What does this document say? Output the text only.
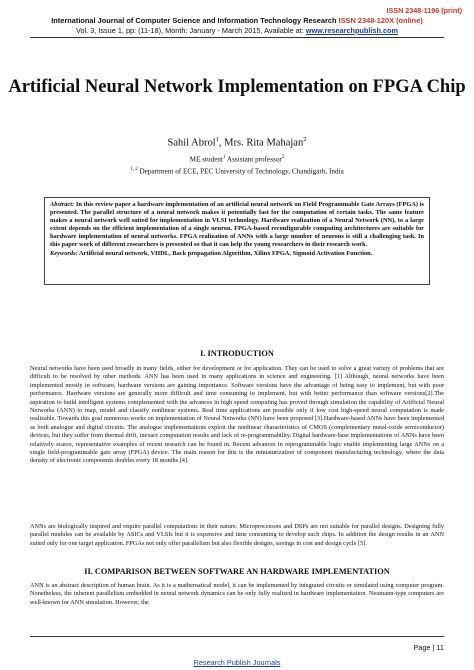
ISSN 2348-1196 (print)
International Journal of Computer Science and Information Technology Research ISSN 2348-120X (online)
Vol. 3, Issue 1, pp: (11-18), Month: January - March 2015, Available at: www.researchpublish.com
Artificial Neural Network Implementation on FPGA Chip
Sahil Abrol$^1$, Mrs. Rita Mahajan$^2$
ME student$^1$ Assistant professor$^2$
$^{1, 2}$ Department of ECE, PEC University of Technology, Chandigarh, India
Abstract: In this review paper a hardware implementation of an artificial neural network on Field Programmable Gate Arrays (FPGA) is presented. The parallel structure of a neural network makes it potentially fast for the computation of certain tasks. The same feature makes a neural network well suited for implementation in VLSI technology. Hardware realization of a Neural Network (NN), to a large extent depends on the efficient implementation of a single neuron. FPGA-based reconfigurable computing architectures are suitable for hardware implementation of neural networks. FPGA realization of ANNs with a large number of neurons is still a challenging task. In this paper work of different researchers is presented so that it can help the young researchers in their research work.
Keywords: Artificial neural network, VHDL, Back propagation Algorithm, Xilinx FPGA, Sigmoid Activation Function.
I. INTRODUCTION
Neural networks have been used broadly in many fields, either for development or for application. They can be used to solve a great variety of problems that are difficult to be resolved by other methods. ANN has been used in many applications in science and engineering. [1] Although, neural networks have been implemented mostly in software, hardware versions are gaining importance. Software versions have the advantage of being easy to implement, but with poor performance. Hardware versions are generally more difficult and time consuming to implement, but with better performance than software versions[2].The aspiration to build intelligent systems complemented with the advances in high speed computing has proved through simulation the capability of Artificial Neural Networks (ANN) to map, model and classify nonlinear systems. Real time applications are possible only if low cost high-speed neural computation is made realizable. Towards this goal numerous works on implementation of Neural Networks (NN) have been proposed [3].Hardware-based ANNs have been implemented as both analogue and digital circuits. The analogue implementations exploit the nonlinear characteristics of CMOS (complementary metal-oxide semiconductor) devices, but they suffer from thermal drift, inexact computation results and lack of re-programmability. Digital hardware-base implementations of ANNs have been relatively scarce, representative examples of recent research can be found in. Recent advances in reprogrammable logic enable implementing large ANNs on a single field-programmable gate array (FPGA) device. The main reason for this is the miniaturization of component manufacturing technology, where the data density of electronic components doubles every 18 months [4].
ANNs are biologically inspired and require parallel computations in their nature. Microprocessors and DSPs are not suitable for parallel designs. Designing fully parallel modules can be available by ASICs and VLSIs but it is expensive and time consuming to develop such chips. In addition the design results in an ANN suited only for one target application. FPGAs not only offer parallelism but also flexible designs, savings in cost and design cycle [5].
II. COMPARISON BETWEEN SOFTWARE AN HARDWARE IMPLEMENTATION
ANN is an abstract description of human brain. As it is a mathematical model, it can be implemented by integrated circuits or simulated using computer program. Nonetheless, the inherent parallelism embedded in neural network dynamics can be only fully realized in hardware implementation. Neumann-type computers are well-known for ANN simulation. However, the
Page | 11
Research Publish Journals
